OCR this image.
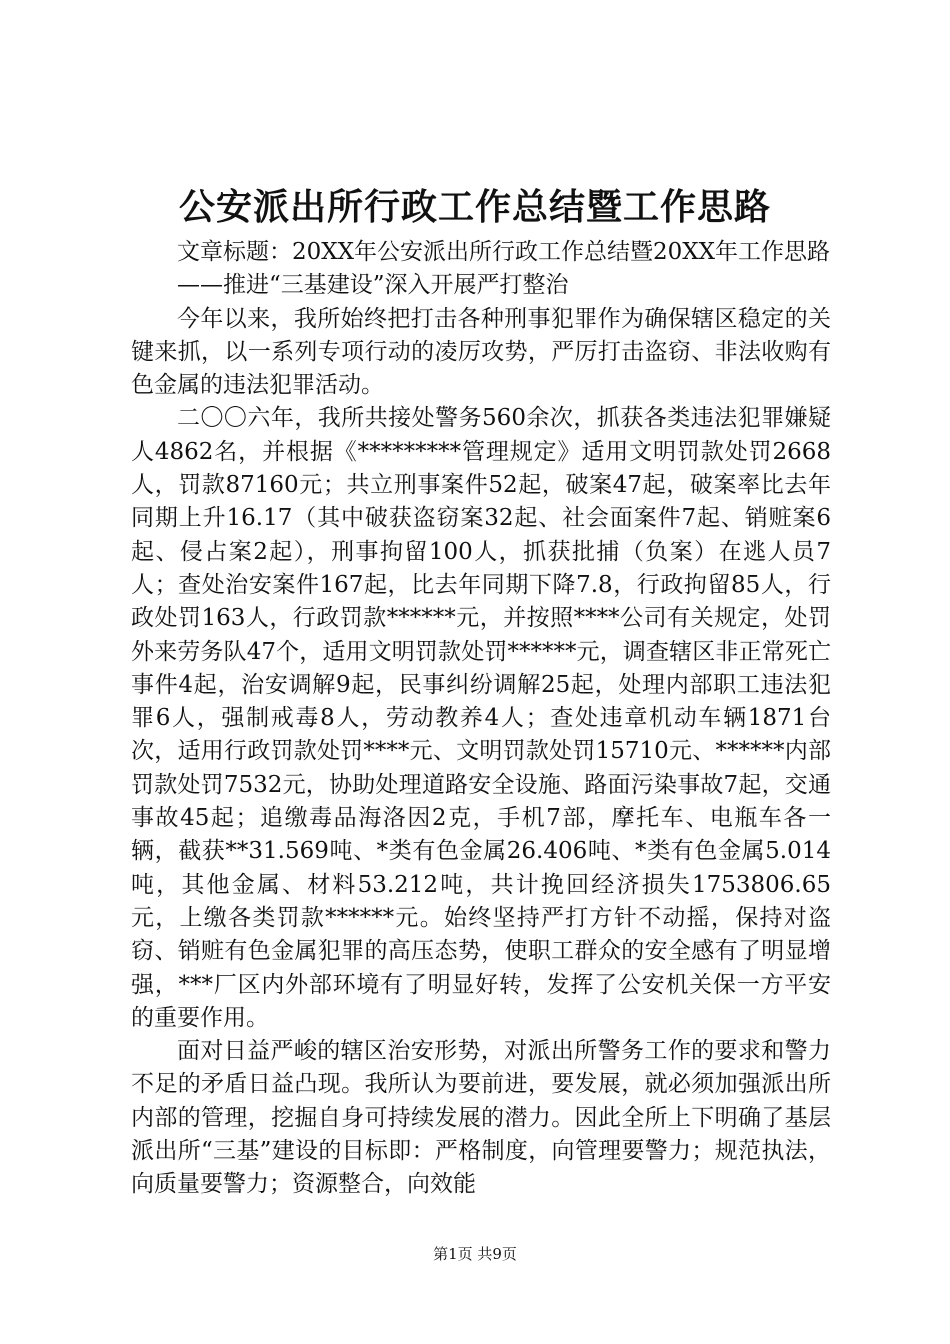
公安派出所行政工作总结暨工作思路

文章标题：20XX年公安派出所行政工作总结暨20XX年工作思路

——推进“三基建设”深入开展严打整治

今年以来，我所始终把打击各种刑事犯罪作为确保辖区稳定的关键来抓，以一系列专项行动的凌厉攻势，严厉打击盗窃、非法收购有色金属的违法犯罪活动。

二〇〇六年，我所共接处警务560余次，抓获各类违法犯罪嫌疑人4862名，并根据《*********管理规定》适用文明罚款处罚2668人，罚款87160元；共立刑事案件52起，破案47起，破案率比去年同期上升16.17（其中破获盗窃案32起、社会面案件7起、销赃案6起、侵占案2起），刑事拘留100人，抓获批捕（负案）在逃人员7人；查处治安案件167起，比去年同期下降7.8，行政拘留85人，行政处罚163人，行政罚款******元，并按照****公司有关规定，处罚外来劳务队47个，适用文明罚款处罚******元，调查辖区非正常死亡事件4起，治安调解9起，民事纠纷调解25起，处理内部职工违法犯罪6人，强制戒毒8人，劳动教养4人；查处违章机动车辆1871台次，适用行政罚款处罚****元、文明罚款处罚15710元、******内部罚款处罚7532元，协助处理道路安全设施、路面污染事故7起，交通事故45起；追缴毒品海洛因2克，手机7部，摩托车、电瓶车各一辆，截获**31.569吨、*类有色金属26.406吨、*类有色金属5.014吨，其他金属、材料53.212吨，共计挽回经济损失1753806.65元，上缴各类罚款******元。始终坚持严打方针不动摇，保持对盗窃、销赃有色金属犯罪的高压态势，使职工群众的安全感有了明显增强，***厂区内外部环境有了明显好转，发挥了公安机关保一方平安的重要作用。

面对日益严峻的辖区治安形势，对派出所警务工作的要求和警力不足的矛盾日益凸现。我所认为要前进，要发展，就必须加强派出所内部的管理，挖掘自身可持续发展的潜力。因此全所上下明确了基层派出所“三基”建设的目标即：严格制度，向管理要警力；规范执法，向质量要警力；资源整合，向效能

第1页 共9页
